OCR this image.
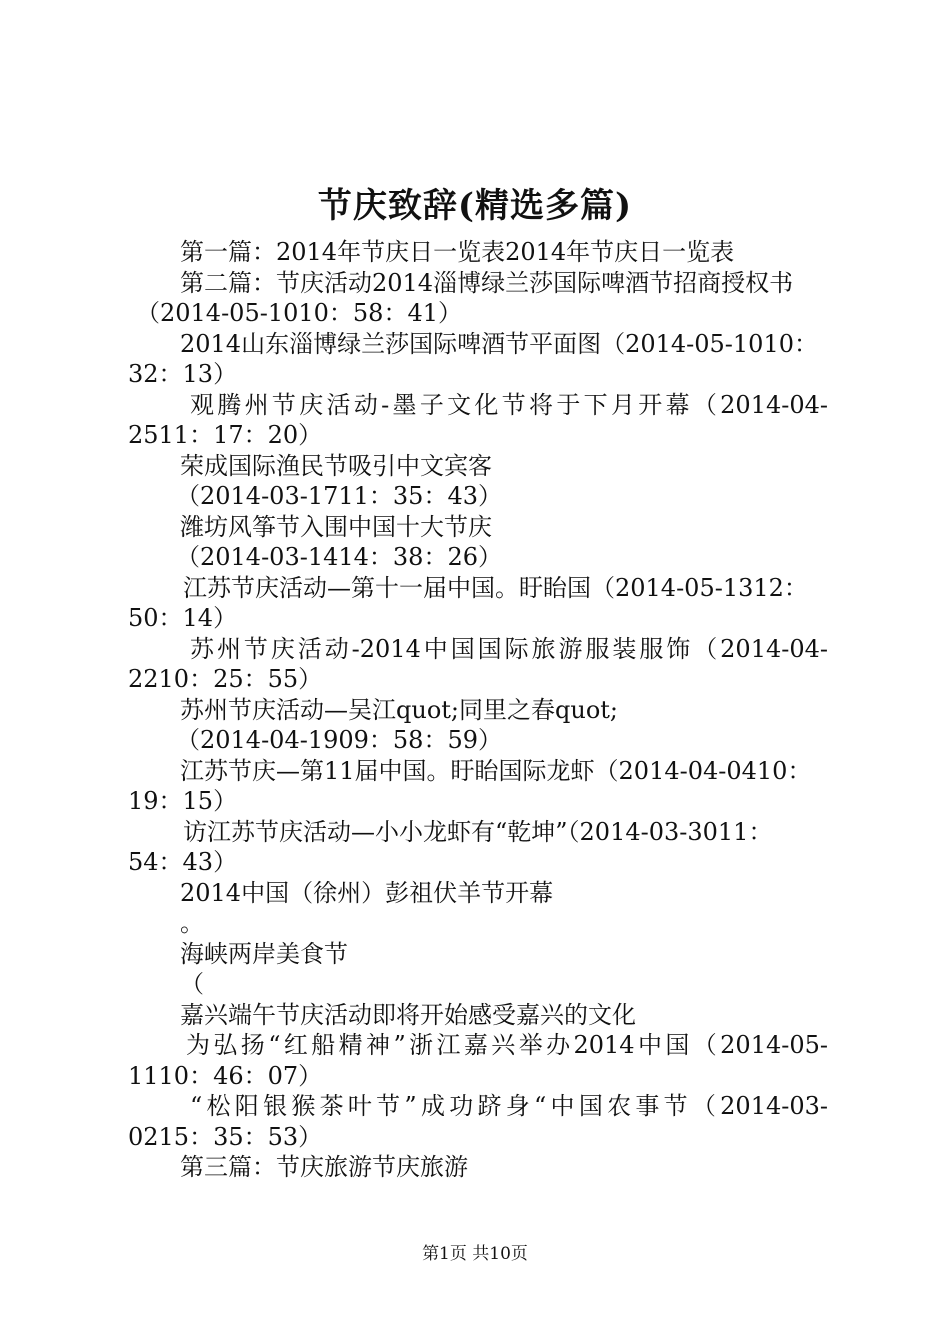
节庆致辞(精选多篇)
第一篇：2014年节庆日一览表2014年节庆日一览表
第二篇：节庆活动2014淄博绿兰莎国际啤酒节招商授权书
（2014-05-1010：58：41）
2014山东淄博绿兰莎国际啤酒节平面图（2014-05-1010：
32：13）
观腾州节庆活动-墨子文化节将于下月开幕（2014-04-
2511：17：20）
荣成国际渔民节吸引中文宾客
（2014-03-1711：35：43）
潍坊风筝节入围中国十大节庆
（2014-03-1414：38：26）
江苏节庆活动—第十一届中国。盱眙国（2014-05-1312：
50：14）
苏州节庆活动-2014中国国际旅游服装服饰（2014-04-
2210：25：55）
苏州节庆活动—吴江quot;同里之春quot;
（2014-04-1909：58：59）
江苏节庆—第11届中国。盱眙国际龙虾（2014-04-0410：
19：15）
访江苏节庆活动—小小龙虾有“乾坤”（2014-03-3011：
54：43）
2014中国（徐州）彭祖伏羊节开幕
。
海峡两岸美食节
（
嘉兴端午节庆活动即将开始感受嘉兴的文化
为弘扬“红船精神”浙江嘉兴举办2014中国（2014-05-
1110：46：07）
“松阳银猴茶叶节”成功跻身“中国农事节（2014-03-
0215：35：53）
第三篇：节庆旅游节庆旅游
第1页 共10页
